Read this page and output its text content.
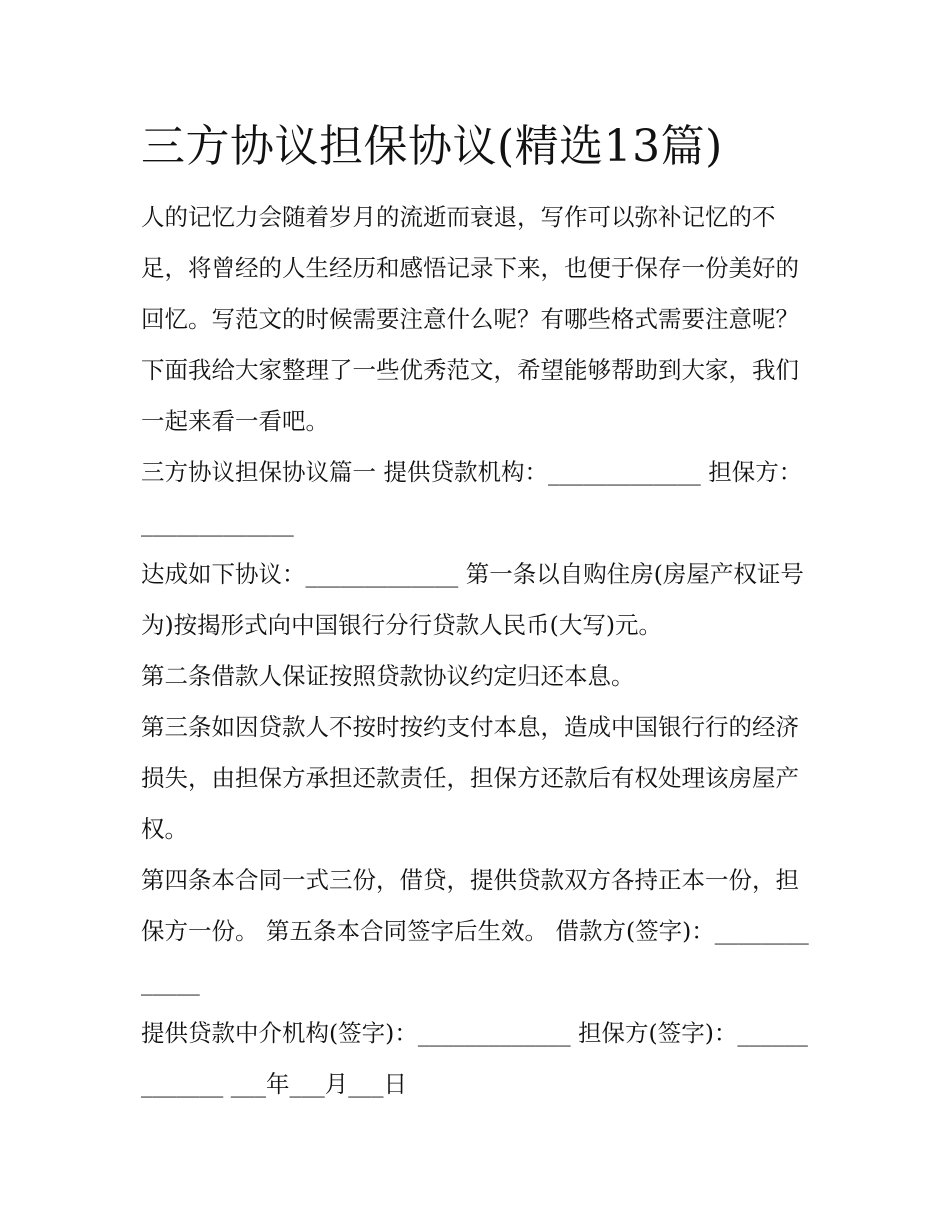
三方协议担保协议(精选13篇)

人的记忆力会随着岁月的流逝而衰退，写作可以弥补记忆的不足，将曾经的人生经历和感悟记录下来，也便于保存一份美好的回忆。写范文的时候需要注意什么呢？有哪些格式需要注意呢？下面我给大家整理了一些优秀范文，希望能够帮助到大家，我们一起来看一看吧。

三方协议担保协议篇一 提供贷款机构：_____________ 担保方：_____________

达成如下协议：_____________ 第一条以自购住房(房屋产权证号为)按揭形式向中国银行分行贷款人民币(大写)元。

第二条借款人保证按照贷款协议约定归还本息。

第三条如因贷款人不按时按约支付本息，造成中国银行行的经济损失，由担保方承担还款责任，担保方还款后有权处理该房屋产权。

第四条本合同一式三份，借贷，提供贷款双方各持正本一份，担保方一份。 第五条本合同签字后生效。 借款方(签字)：_____________

提供贷款中介机构(签字)：_____________ 担保方(签字)：_____________ ___年___月___日
